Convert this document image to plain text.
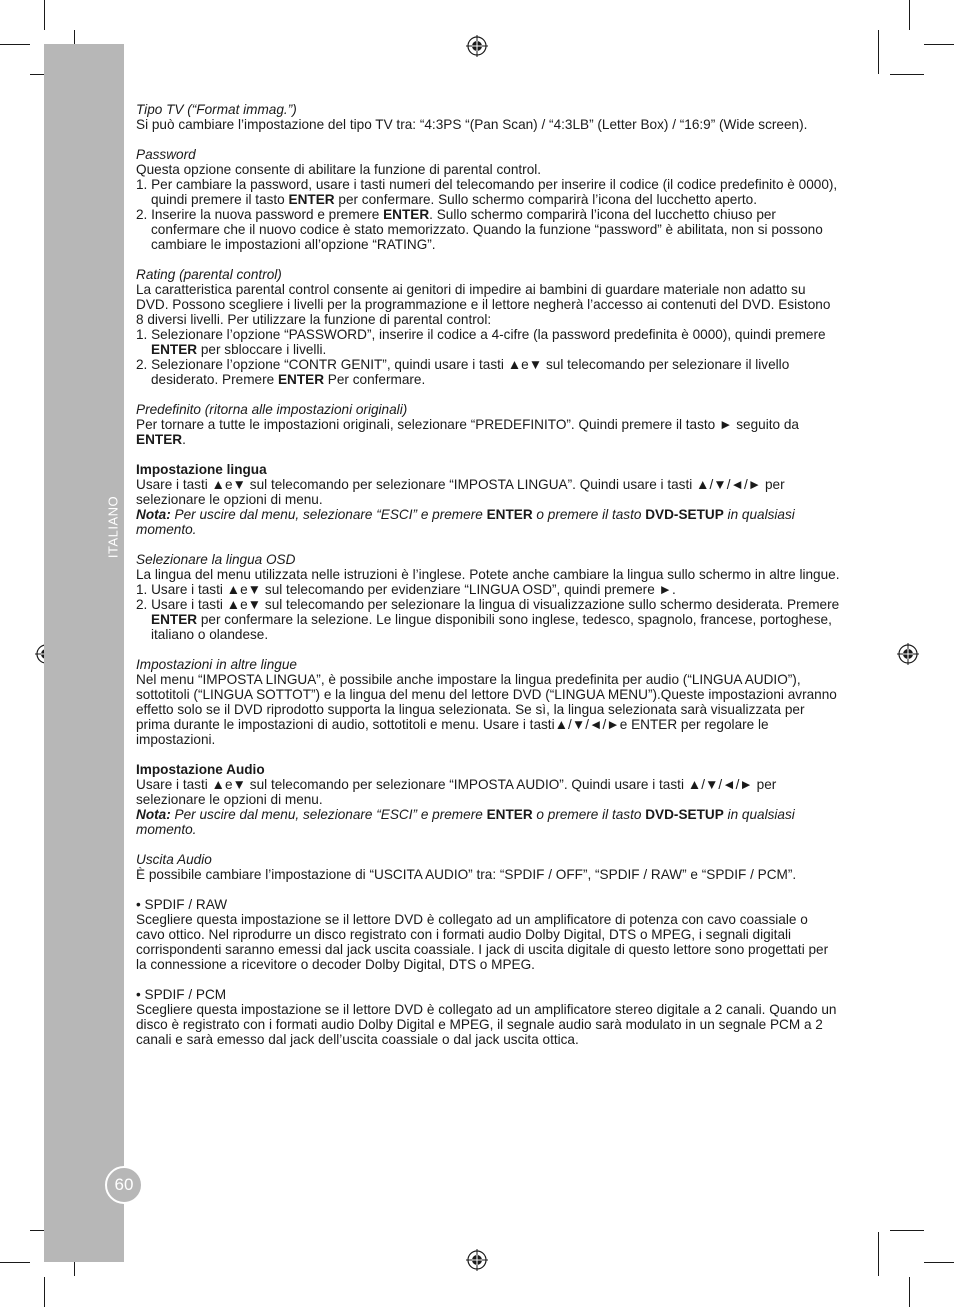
ITALIANO
60

Tipo TV (“Format immag.”)

Si può cambiare l’impostazione del tipo TV tra: “4:3PS “(Pan Scan) / “4:3LB” (Letter Box) / “16:9” (Wide screen).

Password

Questa opzione consente di abilitare la funzione di parental control.

1. Per cambiare la password, usare i tasti numeri del telecomando per inserire il codice (il codice predefinito è 0000), quindi premere il tasto ENTER per confermare. Sullo schermo comparirà l’icona del lucchetto aperto.

2. Inserire la nuova password e premere ENTER. Sullo schermo comparirà l’icona del lucchetto chiuso per confermare che il nuovo codice è stato memorizzato. Quando la funzione “password” è abilitata, non si possono cambiare le impostazioni all’opzione “RATING”.

Rating (parental control)

La caratteristica parental control consente ai genitori di impedire ai bambini di guardare materiale non adatto su DVD. Possono scegliere i livelli per la programmazione e il lettore negherà l’accesso ai contenuti del DVD. Esistono 8 diversi livelli. Per utilizzare la funzione di parental control:

1. Selezionare l’opzione “PASSWORD”, inserire il codice a 4-cifre (la password predefinita è 0000), quindi premere ENTER per sbloccare i livelli.

2. Selezionare l’opzione “CONTR GENIT”, quindi usare i tasti ▲e▼ sul telecomando per selezionare il livello desiderato. Premere ENTER Per confermare.

Predefinito (ritorna alle impostazioni originali)

Per tornare a tutte le impostazioni originali, selezionare “PREDEFINITO”. Quindi premere il tasto ► seguito da ENTER.

Impostazione lingua

Usare i tasti ▲e▼ sul telecomando per selezionare “IMPOSTA LINGUA”. Quindi usare i tasti ▲/▼/◄/► per selezionare le opzioni di menu.

Nota: Per uscire dal menu, selezionare “ESCI” e premere ENTER o premere il tasto DVD-SETUP in qualsiasi momento.

Selezionare la lingua OSD

La lingua del menu utilizzata nelle istruzioni è l’inglese. Potete anche cambiare la lingua sullo schermo in altre lingue.

1. Usare i tasti ▲e▼ sul telecomando per evidenziare “LINGUA OSD”, quindi premere ►.

2. Usare i tasti ▲e▼ sul telecomando per selezionare la lingua di visualizzazione sullo schermo desiderata. Premere ENTER per confermare la selezione. Le lingue disponibili sono inglese, tedesco, spagnolo, francese, portoghese, italiano o olandese.

Impostazioni in altre lingue

Nel menu “IMPOSTA LINGUA”, è possibile anche impostare la lingua predefinita per audio (“LINGUA AUDIO”), sottotitoli (“LINGUA SOTTOT”) e la lingua del menu del lettore DVD (“LINGUA MENU”).Queste impostazioni avranno effetto solo se il DVD riprodotto supporta la lingua selezionata. Se sì, la lingua selezionata sarà visualizzata per prima durante le impostazioni di audio, sottotitoli e menu. Usare i tasti▲/▼/◄/►e ENTER per regolare le impostazioni.

Impostazione Audio

Usare i tasti ▲e▼ sul telecomando per selezionare “IMPOSTA AUDIO”. Quindi usare i tasti ▲/▼/◄/► per selezionare le opzioni di menu.

Nota: Per uscire dal menu, selezionare “ESCI” e premere ENTER o premere il tasto DVD-SETUP in qualsiasi momento.

Uscita Audio

È possibile cambiare l’impostazione di “USCITA AUDIO” tra: “SPDIF / OFF”, “SPDIF / RAW” e “SPDIF / PCM”.

• SPDIF / RAW

Scegliere questa impostazione se il lettore DVD è collegato ad un amplificatore di potenza con cavo coassiale o cavo ottico. Nel riprodurre un disco registrato con i formati audio Dolby Digital, DTS o MPEG, i segnali digitali corrispondenti saranno emessi dal jack uscita coassiale. I jack di uscita digitale di questo lettore sono progettati per la connessione a ricevitore o decoder Dolby Digital, DTS o MPEG.

• SPDIF / PCM

Scegliere questa impostazione se il lettore DVD è collegato ad un amplificatore stereo digitale a 2 canali. Quando un disco è registrato con i formati audio Dolby Digital e MPEG, il segnale audio sarà modulato in un segnale PCM a 2 canali e sarà emesso dal jack dell’uscita coassiale o dal jack uscita ottica.
